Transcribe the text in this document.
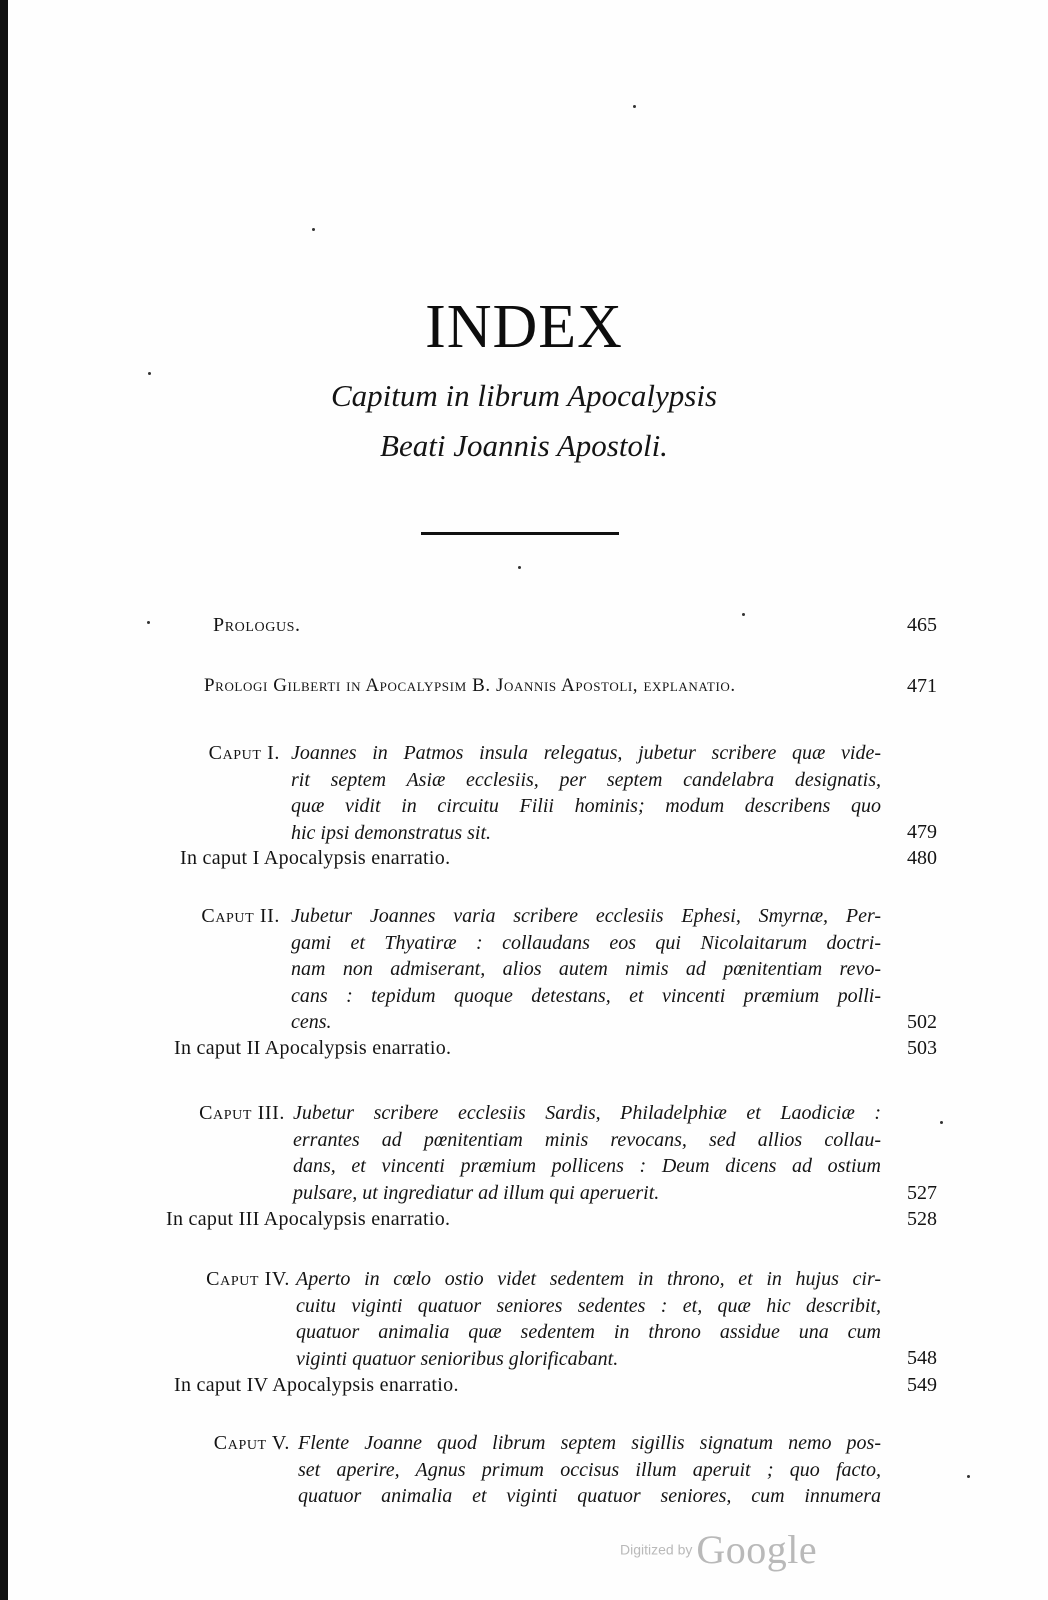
INDEX
Capitum in librum Apocalypsis
Beati Joannis Apostoli.
Prologus.	465
Prologi Gilberti in Apocalypsim B. Joannis Apostoli, explanatio.	471
Caput I. Joannes in Patmos insula relegatus, jubetur scribere quæ vide-
rit septem Asiæ ecclesiis, per septem candelabra designatis,
quæ vidit in circuitu Filii hominis; modum describens quo
hic ipsi demonstratus sit.	479
In caput I Apocalypsis enarratio.	480
Caput II. Jubetur Joannes varia scribere ecclesiis Ephesi, Smyrnæ, Per-
gami et Thyatiræ : collaudans eos qui Nicolaitarum doctri-
nam non admiserant, alios autem nimis ad pœnitentiam revo-
cans : tepidum quoque detestans, et vincenti præmium polli-
cens.	502
In caput II Apocalypsis enarratio.	503
Caput III. Jubetur scribere ecclesiis Sardis, Philadelphiæ et Laodiciæ :
errantes ad pœnitentiam minis revocans, sed allios collau-
dans, et vincenti præmium pollicens : Deum dicens ad ostium
pulsare, ut ingrediatur ad illum qui aperuerit.	527
In caput III Apocalypsis enarratio.	528
Caput IV. Aperto in cœlo ostio videt sedentem in throno, et in hujus cir-
cuitu viginti quatuor seniores sedentes : et, quæ hic describit,
quatuor animalia quæ sedentem in throno assidue una cum
viginti quatuor senioribus glorificabant.	548
In caput IV Apocalypsis enarratio.	549
Caput V. Flente Joanne quod librum septem sigillis signatum nemo pos-
set aperire, Agnus primum occisus illum aperuit ; quo facto,
quatuor animalia et viginti quatuor seniores, cum innumera
Digitized by Google
